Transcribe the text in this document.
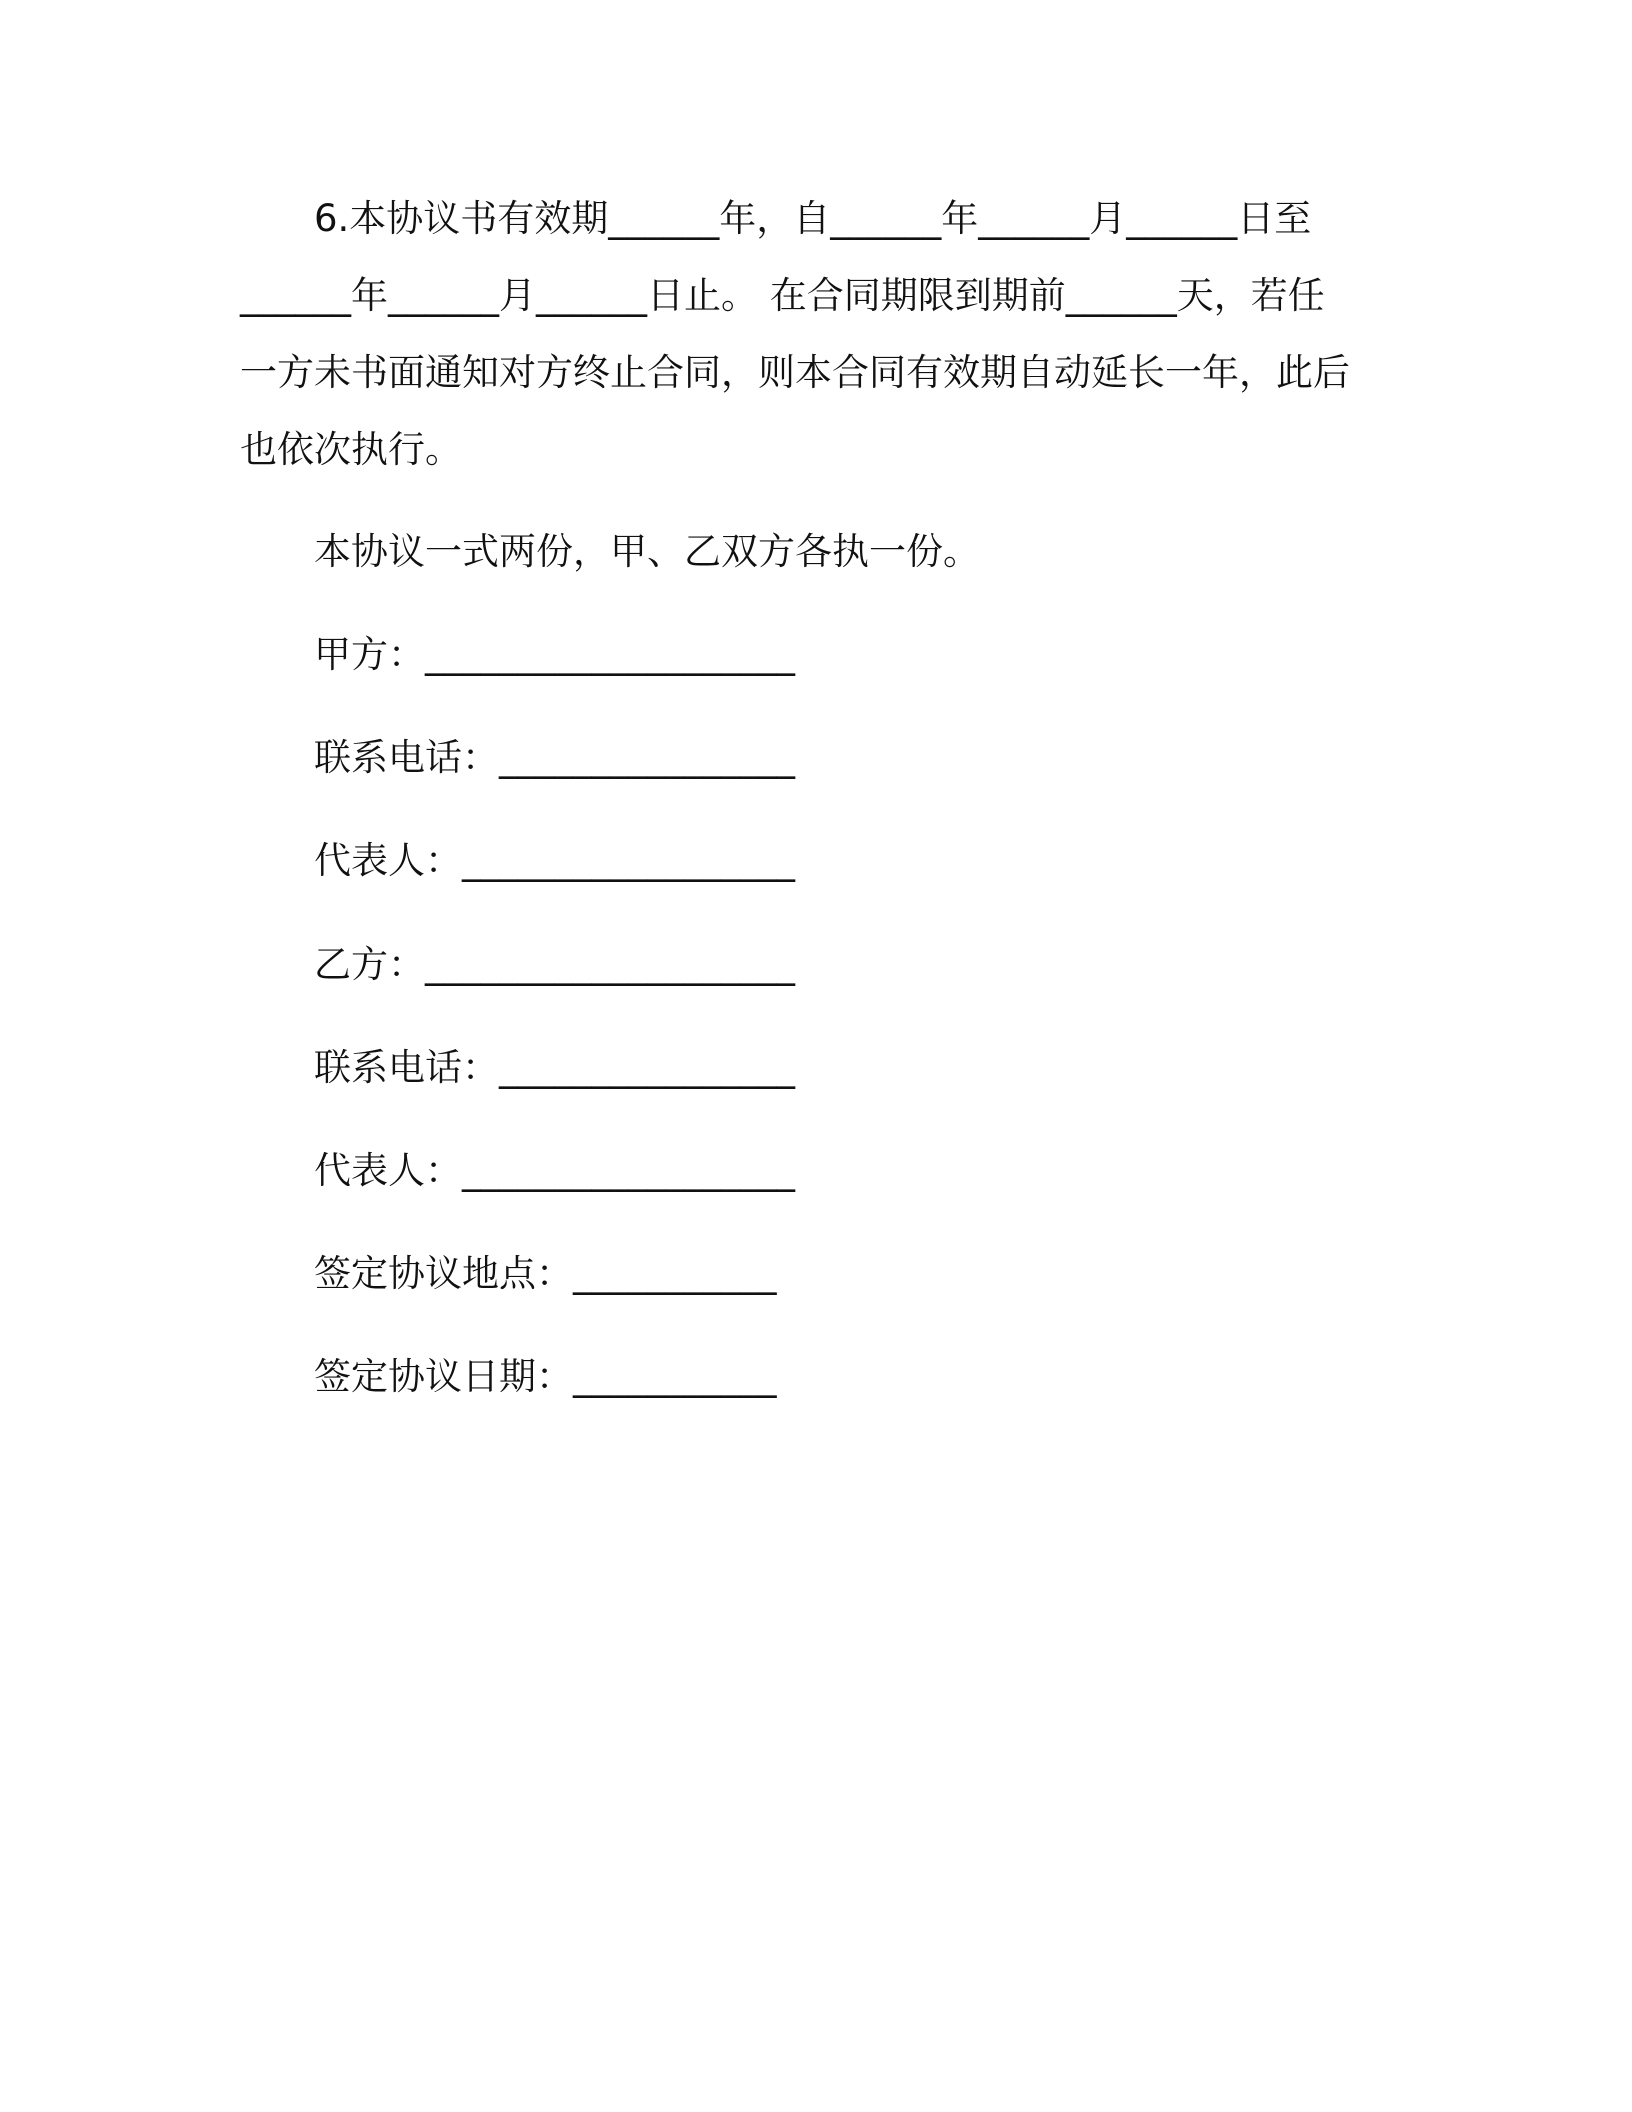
6.本协议书有效期______年，自______年______月______日至
______年______月______日止。 在合同期限到期前______天，若任
一方未书面通知对方终止合同，则本合同有效期自动延长一年，此后
也依次执行。
本协议一式两份，甲、乙双方各执一份。
甲方：____________________
联系电话：________________
代表人：__________________
乙方：____________________
联系电话：________________
代表人：__________________
签定协议地点：___________
签定协议日期：___________
